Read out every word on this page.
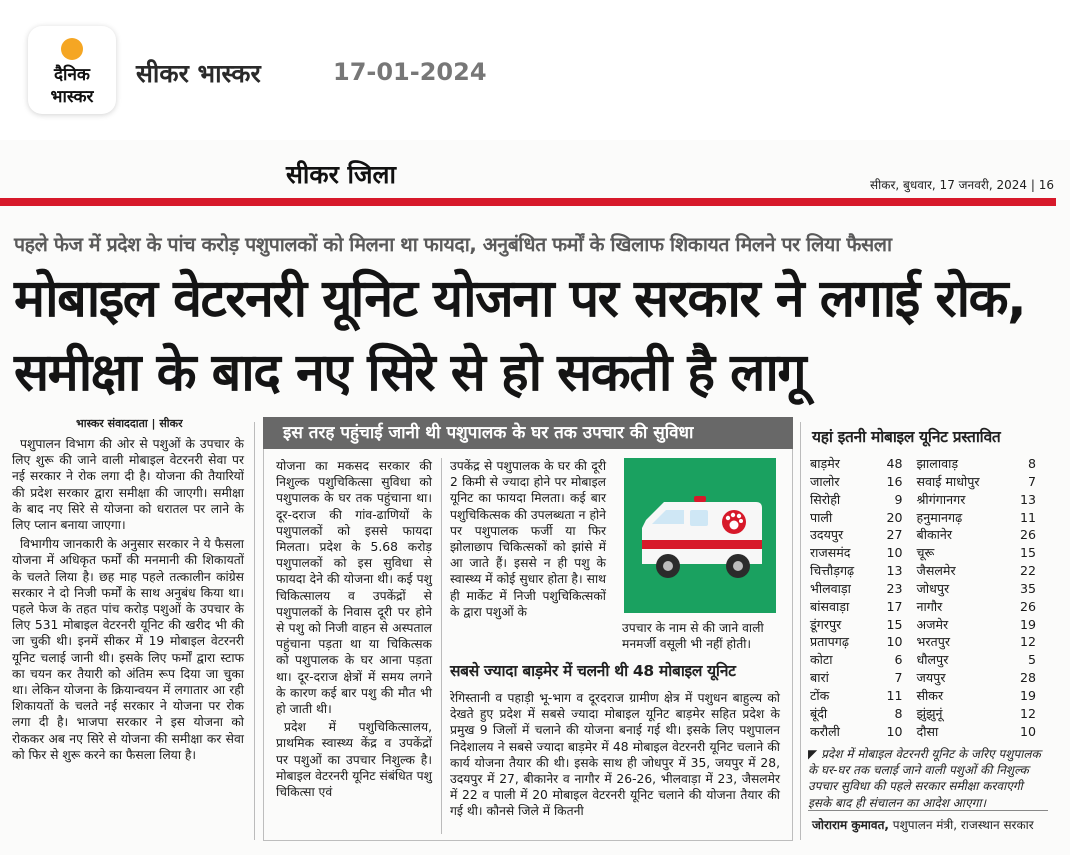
दैनिक
भास्कर
सीकर भास्कर	17-01-2024
सीकर जिला	सीकर, बुधवार, 17 जनवरी, 2024 | 16
पहले फेज में प्रदेश के पांच करोड़ पशुपालकों को मिलना था फायदा, अनुबंधित फर्मों के खिलाफ शिकायत मिलने पर लिया फैसला
मोबाइल वेटरनरी यूनिट योजना पर सरकार ने लगाई रोक, समीक्षा के बाद नए सिरे से हो सकती है लागू
भास्कर संवाददाता | सीकर

पशुपालन विभाग की ओर से पशुओं के उपचार के लिए शुरू की जाने वाली मोबाइल वेटरनरी सेवा पर नई सरकार ने रोक लगा दी है। योजना की तैयारियों की प्रदेश सरकार द्वारा समीक्षा की जाएगी। समीक्षा के बाद नए सिरे से योजना को धरातल पर लाने के लिए प्लान बनाया जाएगा।

विभागीय जानकारी के अनुसार सरकार ने ये फैसला योजना में अधिकृत फर्मों की मनमानी की शिकायतों के चलते लिया है। छह माह पहले तत्कालीन कांग्रेस सरकार ने दो निजी फर्मों के साथ अनुबंध किया था। पहले फेज के तहत पांच करोड़ पशुओं के उपचार के लिए 531 मोबाइल वेटरनरी यूनिट की खरीद भी की जा चुकी थी। इनमें सीकर में 19 मोबाइल वेटरनरी यूनिट चलाई जानी थी। इसके लिए फर्मों द्वारा स्टाफ का चयन कर तैयारी को अंतिम रूप दिया जा चुका था। लेकिन योजना के क्रियान्वयन में लगातार आ रही शिकायतों के चलते नई सरकार ने योजना पर रोक लगा दी है। भाजपा सरकार ने इस योजना को रोककर अब नए सिरे से योजना की समीक्षा कर सेवा को फिर से शुरू करने का फैसला लिया है।

इस तरह पहुंचाई जानी थी पशुपालक के घर तक उपचार की सुविधा

योजना का मकसद सरकार की निशुल्क पशुचिकित्सा सुविधा को पशुपालक के घर तक पहुंचाना था। दूर-दराज की गांव-ढाणियों के पशुपालकों को इससे फायदा मिलता। प्रदेश के 5.68 करोड़ पशुपालकों को इस सुविधा से फायदा देने की योजना थी। कई पशु चिकित्सालय व उपकेंद्रों से पशुपालकों के निवास दूरी पर होने से पशु को निजी वाहन से अस्पताल पहुंचाना पड़ता था या चिकित्सक को पशुपालक के घर आना पड़ता था। दूर-दराज क्षेत्रों में समय लगने के कारण कई बार पशु की मौत भी हो जाती थी।

प्रदेश में पशुचिकित्सालय, प्राथमिक स्वास्थ्य केंद्र व उपकेंद्रों पर पशुओं का उपचार निशुल्क है। मोबाइल वेटरनरी यूनिट संबंधित पशु चिकित्सा एवं

उपकेंद्र से पशुपालक के घर की दूरी 2 किमी से ज्यादा होने पर मोबाइल यूनिट का फायदा मिलता। कई बार पशुचिकित्सक की उपलब्धता न होने पर पशुपालक फर्जी या फिर झोलाछाप चिकित्सकों को झांसे में आ जाते हैं। इससे न ही पशु के स्वास्थ्य में कोई सुधार होता है। साथ ही मार्केट में निजी पशुचिकित्सकों के द्वारा पशुओं के

उपचार के नाम से की जाने वाली मनमर्जी वसूली भी नहीं होती।
सबसे ज्यादा बाड़मेर में चलनी थी 48 मोबाइल यूनिट

रेगिस्तानी व पहाड़ी भू-भाग व दूरदराज ग्रामीण क्षेत्र में पशुधन बाहुल्य को देखते हुए प्रदेश में सबसे ज्यादा मोबाइल यूनिट बाड़मेर सहित प्रदेश के प्रमुख 9 जिलों में चलाने की योजना बनाई गई थी। इसके लिए पशुपालन निदेशालय ने सबसे ज्यादा बाड़मेर में 48 मोबाइल वेटरनरी यूनिट चलाने की कार्य योजना तैयार की थी। इसके साथ ही जोधपुर में 35, जयपुर में 28, उदयपुर में 27, बीकानेर व नागौर में 26-26, भीलवाड़ा में 23, जैसलमेर में 22 व पाली में 20 मोबाइल वेटरनरी यूनिट चलाने की योजना तैयार की गई थी। कौनसे जिले में कितनी

यहां इतनी मोबाइल यूनिट प्रस्तावित
बाड़मेर	48	झालावाड़	8
जालोर	16	सवाई माधोपुर	7
सिरोही	9	श्रीगंगानगर	13
पाली	20	हनुमानगढ़	11
उदयपुर	27	बीकानेर	26
राजसमंद	10	चूरू	15
चित्तौड़गढ़	13	जैसलमेर	22
भीलवाड़ा	23	जोधपुर	35
बांसवाड़ा	17	नागौर	26
डूंगरपुर	15	अजमेर	19
प्रतापगढ़	10	भरतपुर	12
कोटा	6	धौलपुर	5
बारां	7	जयपुर	28
टोंक	11	सीकर	19
बूंदी	8	झुंझुनूं	12
करौली	10	दौसा	10
◤ प्रदेश में मोबाइल वेटरनरी यूनिट के जरिए पशुपालक के घर-घर तक चलाई जाने वाली पशुओं की निशुल्क उपचार सुविधा की पहले सरकार समीक्षा करवाएगी इसके बाद ही संचालन का आदेश आएगा।
जोराराम कुमावत, पशुपालन मंत्री, राजस्थान सरकार
